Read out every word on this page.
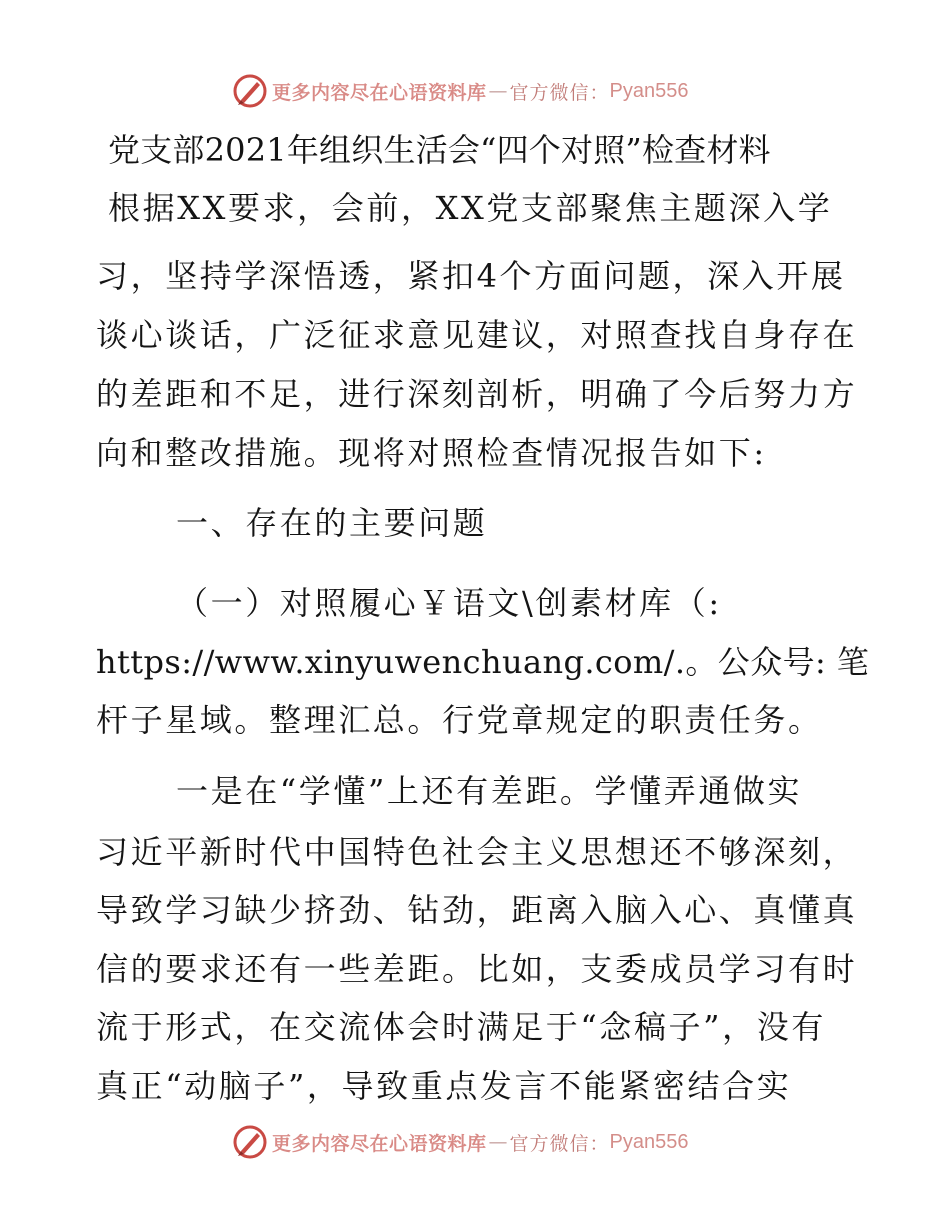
更多内容尽在心语资料库 — 官方微信： Pyan556
党支部2021年组织生活会“四个对照”检查材料
根据XX要求，会前，XX党支部聚焦主题深入学
习，坚持学深悟透，紧扣4个方面问题，深入开展
谈心谈话，广泛征求意见建议，对照查找自身存在
的差距和不足，进行深刻剖析，明确了今后努力方
向和整改措施。现将对照检查情况报告如下:
一、存在的主要问题
（一）对照履心￥语文\创素材库（:
https://www.xinyuwenchuang.com/.。公众号: 笔
杆子星域。整理汇总。行党章规定的职责任务。
一是在“学懂”上还有差距。学懂弄通做实
习近平新时代中国特色社会主义思想还不够深刻，
导致学习缺少挤劲、钻劲，距离入脑入心、真懂真
信的要求还有一些差距。比如，支委成员学习有时
流于形式，在交流体会时满足于“念稿子”，没有
真正“动脑子”，导致重点发言不能紧密结合实
更多内容尽在心语资料库 — 官方微信： Pyan556
